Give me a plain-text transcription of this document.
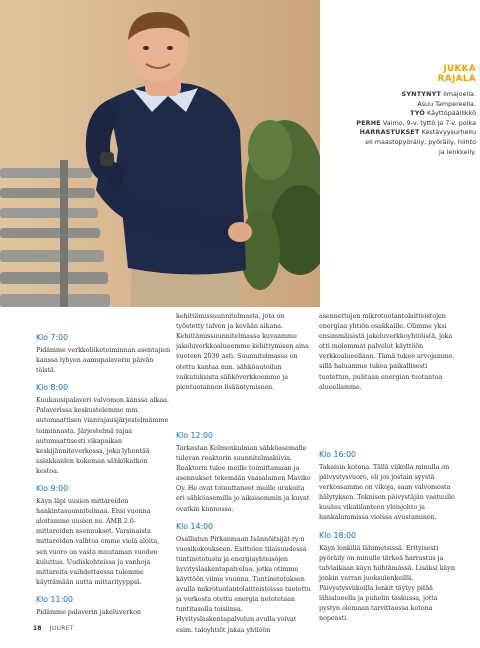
JUKKA
RAJALA
SYNTYNYT Ilmajoella.
Asuu Tampereella.
TYÖ Käyttöpäällikkö
PERHE Vaimo, 9-v. tyttö ja 7-v. poika
HARRASTUKSET Kestävyysurheilu
eli maastopyöräily, pyöräily, hiihto
ja lenkkeily.
Klo 7:00
Pidämme verkkoliiketoiminnan asentajien kanssa lyhyen aamupalaverin päivän töistä.
Klo 8:00
Kuukausipalaveri valvomon kanssa alkaa. Palaverissa keskustelemme mm. automaattisen vianrajausjärjestelmämme toiminnasta. Järjestelmä rajaa automaattisesti vikapaikan keskijänniteverkossa, joka lyhentää asiakkaiden kokeman sähkökatkon kestoa.
Klo 9:00
Käyn läpi uusien mittareiden hankintasuunnitelmaa. Ensi vuonna aloitamme uusien ns. AMR 2.0-mittareiden asennukset. Varsinaista mittareiden vaihtoa emme vielä aloita, sen vuoro on vasta muutaman vuoden kuluttua. Uudiskohteissa ja vanhoja mittareita vaihdettaessa tulemme käyttämään uutta mittarityyppiä.
Klo 11:00
Pidämme palaverin jakeluverkon
kehittämissuunnitelmasta, jota on työstetty talven ja kevään aikana. Kehittämissuunnitelmassa kuvaamme jakeluverkkoalueemme kehittymisen aina vuoteen 2030 asti. Suunnitelmassa on otettu kantaa mm. sähköautoilun vaikutuksista sähköverkkoomme ja pientuotannon lisääntymiseen.
Klo 12:00
Tarkastan Kolmenkulman sähköasemalle tulevan reaktorin suunnitelmakuvia. Reaktorin tulee meille toimittamaan ja asennukset tekemään vaasalainen Maviko Oy. He ovat toteuttaneet meille urakoita eri sähköasemilla jo aikaisemmin ja kuvat ovatkin kunnossa.
Klo 14:00
Osallistun Pirkanmaan Isännöitsijät ry:n vuosikokoukseen. Esittelen tilaisuudessa tuntinetotusta ja energiayhteisöjen hyvityslaskentapalvelua, jotka otimme käyttöön viime vuonna. Tuntinetotuksen avulla mikrotuotantolaitteistoissa tuotettu ja verkosta otettu energia netotetaan tuntitasolla toisiinsa. Hyvityslaskentapalvelun avulla voivat esim. taloyhtiöt jakaa yhtiöön
asennettujen mikrotuotantolaitteistojen energiaa yhtiön osakkaille. Olimme yksi ensimmäisistä jakeluverkkoyhtiöistä, joka otti molemmat palvelut käyttöön verkkoalueellaan. Tämä tukee arvojamme, sillä haluamme tukea paikallisesti tuotettun, puhtaan energian tuotantoa alueellamme.
Klo 16:00
Takaisin kotona. Tällä viikolla minulla on päivystysvuoro, eli jos jostain syystä verkossamme on vikoja, saan valvomosta hälytyksen. Teknisen päivystäjän vastuulle kuuluu vikatilanteen yleisjohto ja hankalammissa vioissa avustaminen.
Klo 18:00
Käyn lenkillä lähimetsissä. Erityisesti pyöräily on minulle tärkeä harrastus ja talviaikaan käyn hiihtämässä. Lisäksi käyn jonkin verran juoksulenkeillä. Päivystysviikoilla lenkit täytyy pitää lähialueella ja puhelin taskussa, jotta pystyn olemaan tarvittaessa kotona nopeasti.
18 JUURET
